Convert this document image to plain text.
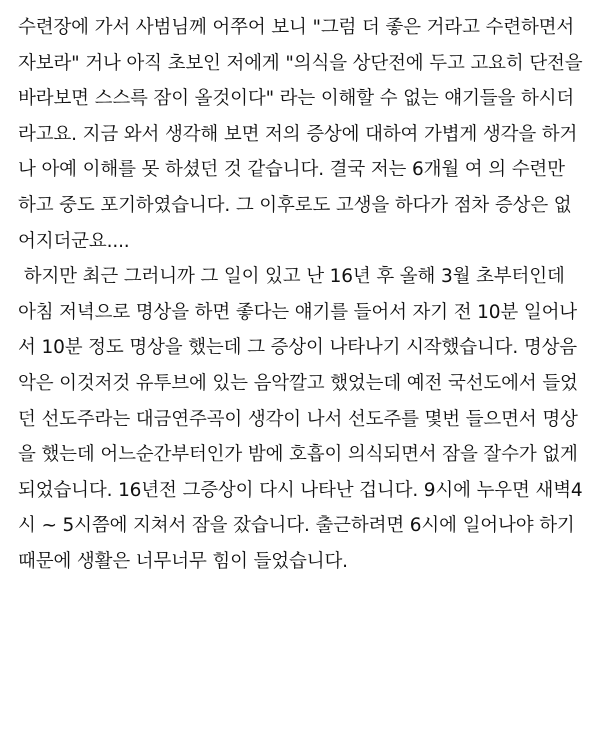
수련장에 가서 사범님께 어쭈어 보니 "그럼 더 좋은 거라고 수련하면서 자보라" 거나 아직 초보인 저에게 "의식을 상단전에 두고 고요히 단전을 바라보면 스스륵 잠이 올것이다" 라는 이해할 수 없는 얘기들을 하시더라고요. 지금 와서 생각해 보면 저의 증상에 대하여 가볍게 생각을 하거나 아예 이해를 못 하셨던 것 같습니다. 결국 저는 6개월 여 의 수련만 하고 중도 포기하였습니다. 그 이후로도 고생을 하다가 점차 증상은 없어지더군요....

하지만 최근 그러니까 그 일이 있고 난 16년 후 올해 3월 초부터인데 아침 저녁으로 명상을 하면 좋다는 얘기를 들어서 자기 전 10분 일어나서 10분 정도 명상을 했는데 그 증상이 나타나기 시작했습니다. 명상음악은 이것저것 유투브에 있는 음악깔고 했었는데 예전 국선도에서 들었던 선도주라는 대금연주곡이 생각이 나서 선도주를 몇번 들으면서 명상을 했는데 어느순간부터인가 밤에 호흡이 의식되면서 잠을 잘수가 없게 되었습니다. 16년전 그증상이 다시 나타난 겁니다. 9시에 누우면 새벽4시 ~ 5시쯤에 지쳐서 잠을 잤습니다. 출근하려면 6시에 일어나야 하기 때문에 생활은 너무너무 힘이 들었습니다.
